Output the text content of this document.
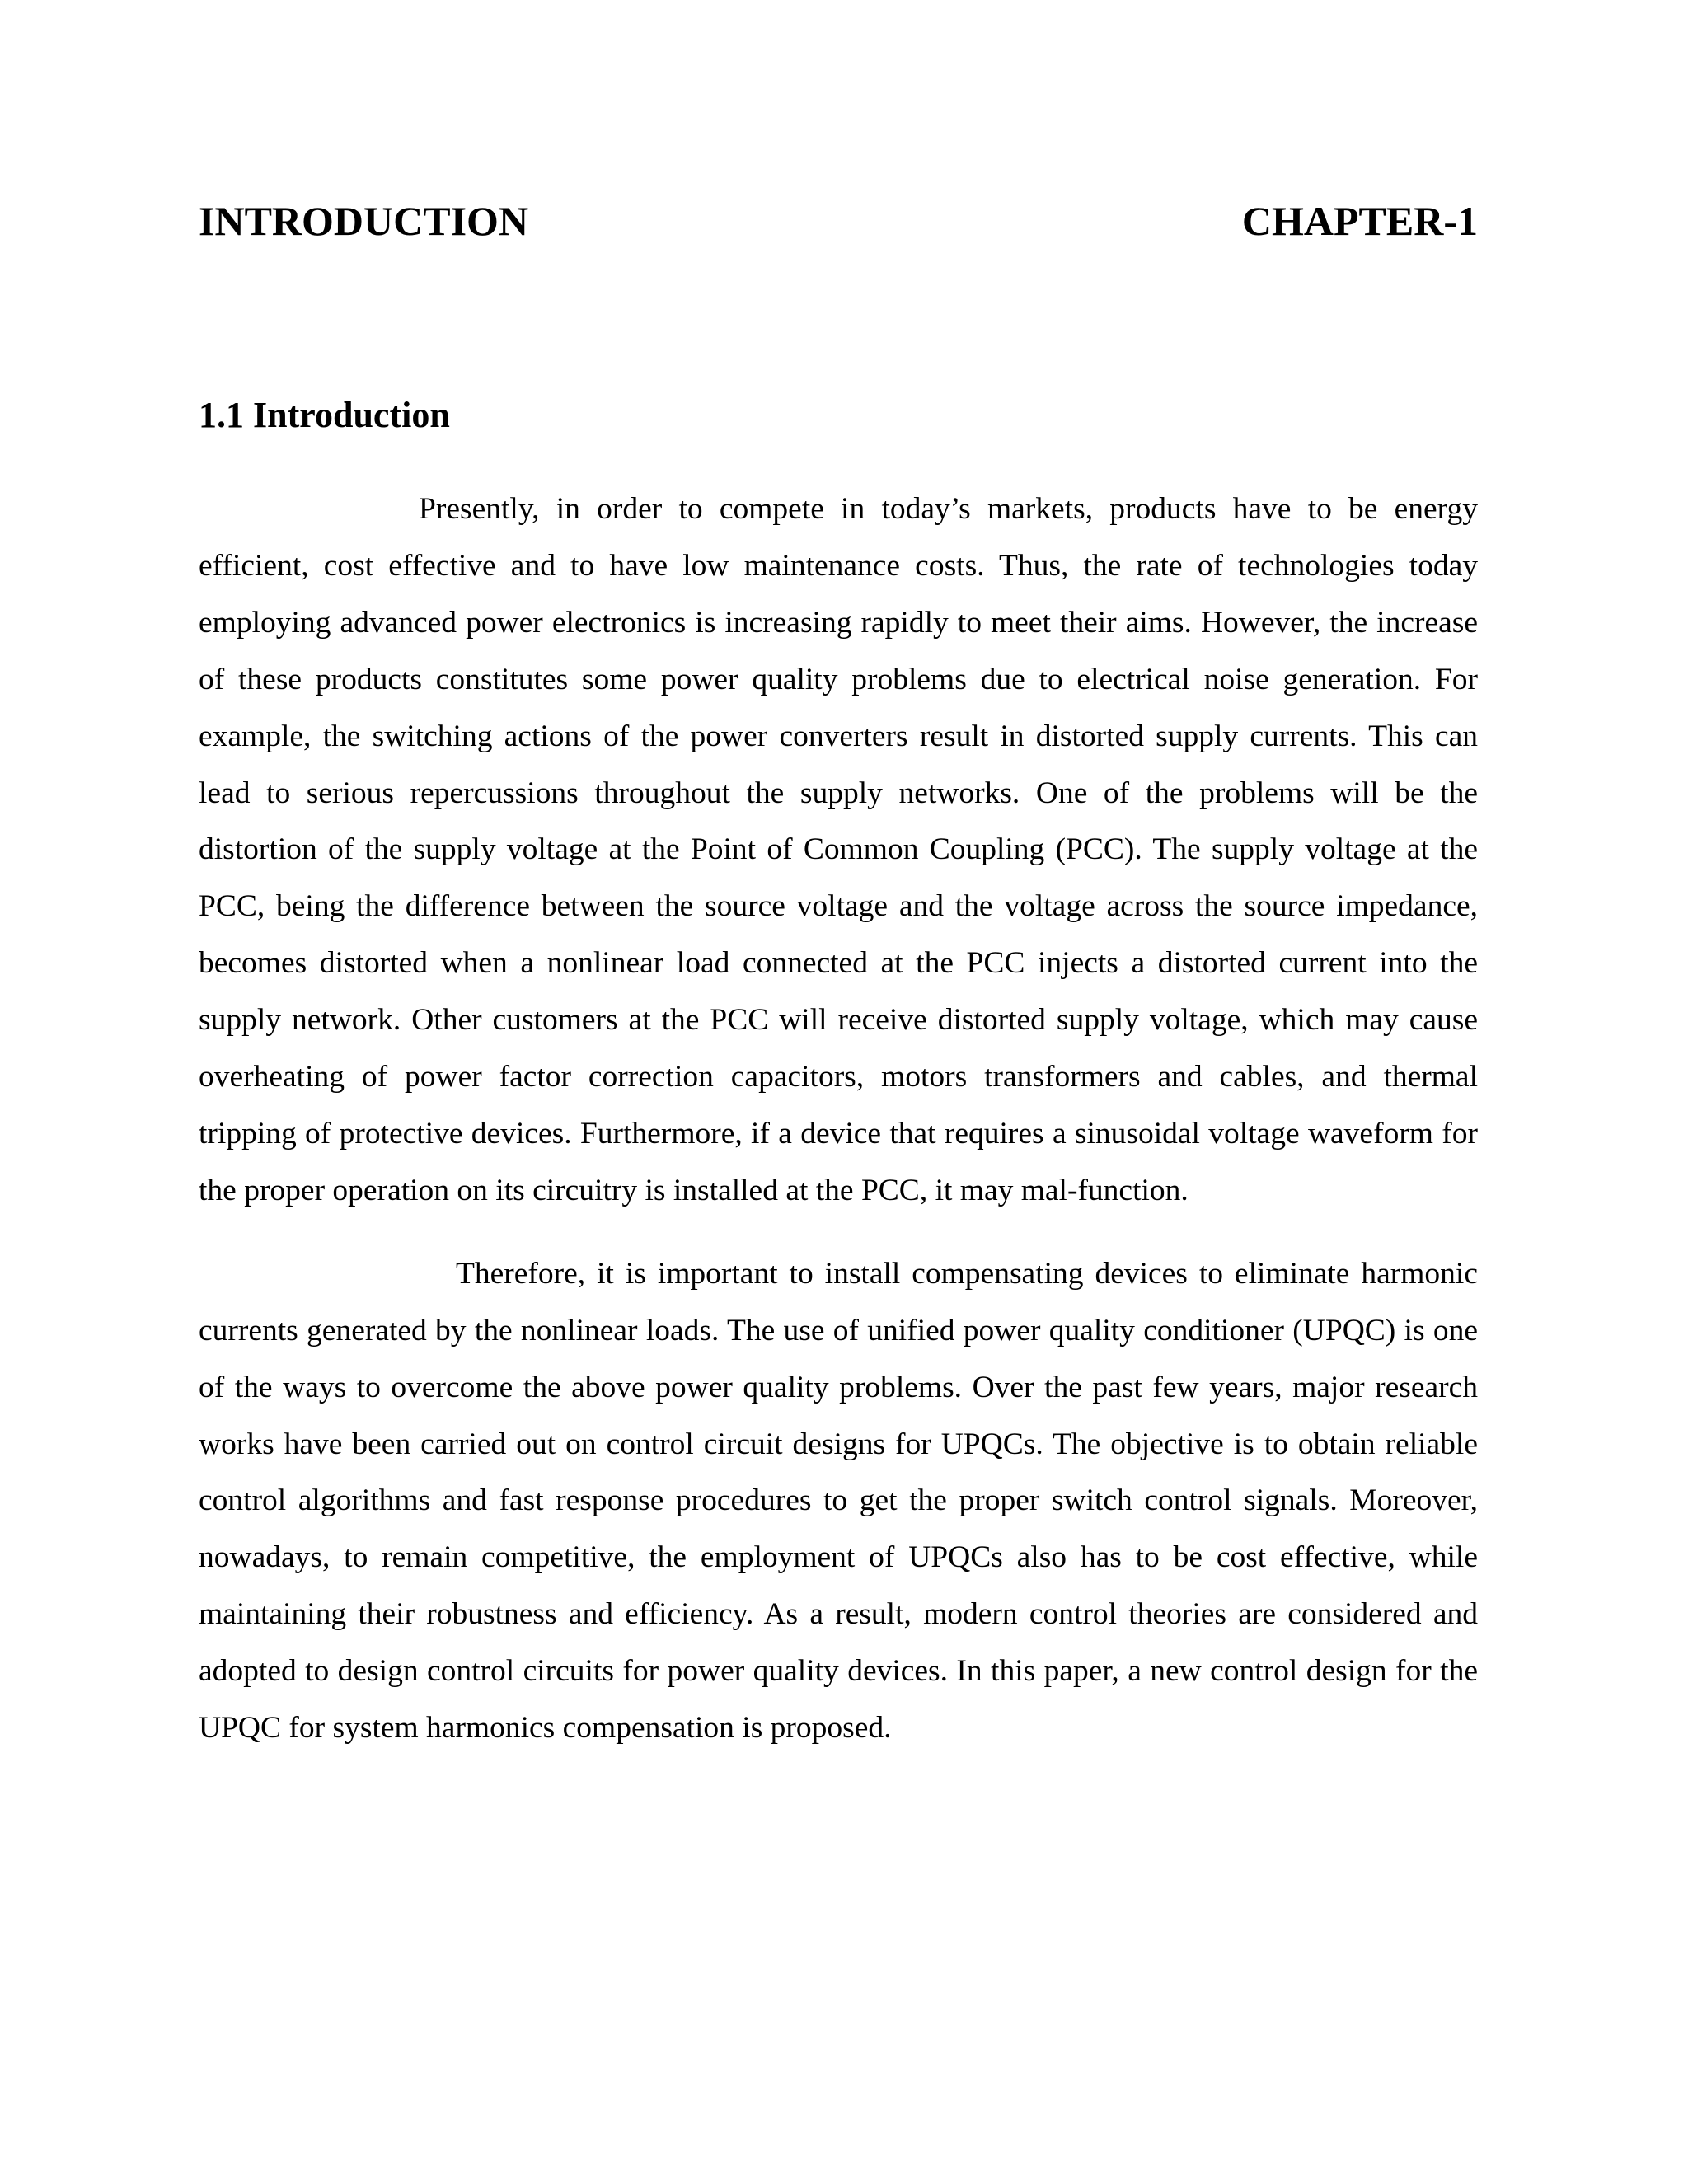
INTRODUCTION	CHAPTER-1
1.1 Introduction

Presently, in order to compete in today’s markets, products have to be energy efficient, cost effective and to have low maintenance costs. Thus, the rate of technologies today employing advanced power electronics is increasing rapidly to meet their aims. However, the increase of these products constitutes some power quality problems due to electrical noise generation. For example, the switching actions of the power converters result in distorted supply currents. This can lead to serious repercussions throughout the supply networks. One of the problems will be the distortion of the supply voltage at the Point of Common Coupling (PCC). The supply voltage at the PCC, being the difference between the source voltage and the voltage across the source impedance, becomes distorted when a nonlinear load connected at the PCC injects a distorted current into the supply network. Other customers at the PCC will receive distorted supply voltage, which may cause overheating of power factor correction capacitors, motors transformers and cables, and thermal tripping of protective devices. Furthermore, if a device that requires a sinusoidal voltage waveform for the proper operation on its circuitry is installed at the PCC, it may mal-function.

Therefore, it is important to install compensating devices to eliminate harmonic currents generated by the nonlinear loads. The use of unified power quality conditioner (UPQC) is one of the ways to overcome the above power quality problems. Over the past few years, major research works have been carried out on control circuit designs for UPQCs. The objective is to obtain reliable control algorithms and fast response procedures to get the proper switch control signals. Moreover, nowadays, to remain competitive, the employment of UPQCs also has to be cost effective, while maintaining their robustness and efficiency. As a result, modern control theories are considered and adopted to design control circuits for power quality devices. In this paper, a new control design for the UPQC for system harmonics compensation is proposed.
